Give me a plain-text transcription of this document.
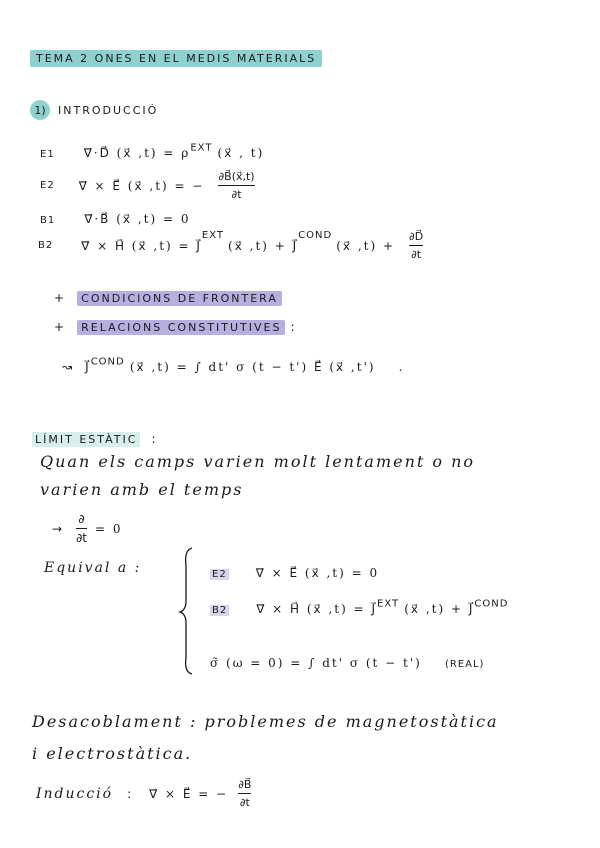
TEMA 2 ONES EN EL MEDIS MATERIALS
1)	INTRODUCCIÓ
E1 ∇⃗·D⃗ (x⃗ $,t) = \rho^{EXT}$ (x⃗ , t)
E2 ∇⃗ × E⃗ (x⃗ ,t) = − $\frac{\partial B⃗(x⃗,t)}{\partial t}$
B1 ∇⃗·B⃗ (x⃗ ,t) = 0
B2 ∇⃗ × H⃗ (x⃗ ,t) = J⃗
$^{EXT}$
(x⃗ ,t) + J⃗
$^{COND}$
(x⃗ $,t) + \frac{\partial D⃗}{\partial t}$
+ CONDICIONS DE FRONTERA
+ RELACIONS CONSTITUTIVES :
↝ J⃗$^{COND}$ (x⃗ ,t) = ∫ dt' σ (t − t') E⃗ (x⃗ ,t') .
LÍMIT ESTÀTIC :
Quan els camps varien molt lentament o no
varien amb el temps
→ $\frac{\partial}{\partial t} = 0$
Equival a :	E2 ∇⃗ × E⃗ (x⃗ ,t) = 0
B2 ∇⃗ × H⃗ (x⃗ ,t) = J⃗$^{EXT}$ (x⃗ ,t) + J⃗$^{COND}$
σ̃ (ω = 0) = ∫ dt' σ (t − t') (REAL)
Desacoblament : problemes de magnetostàtica
i electrostàtica.
Inducció : ∇⃗ × E⃗ = − $\frac{\partial B⃗}{\partial t}$
